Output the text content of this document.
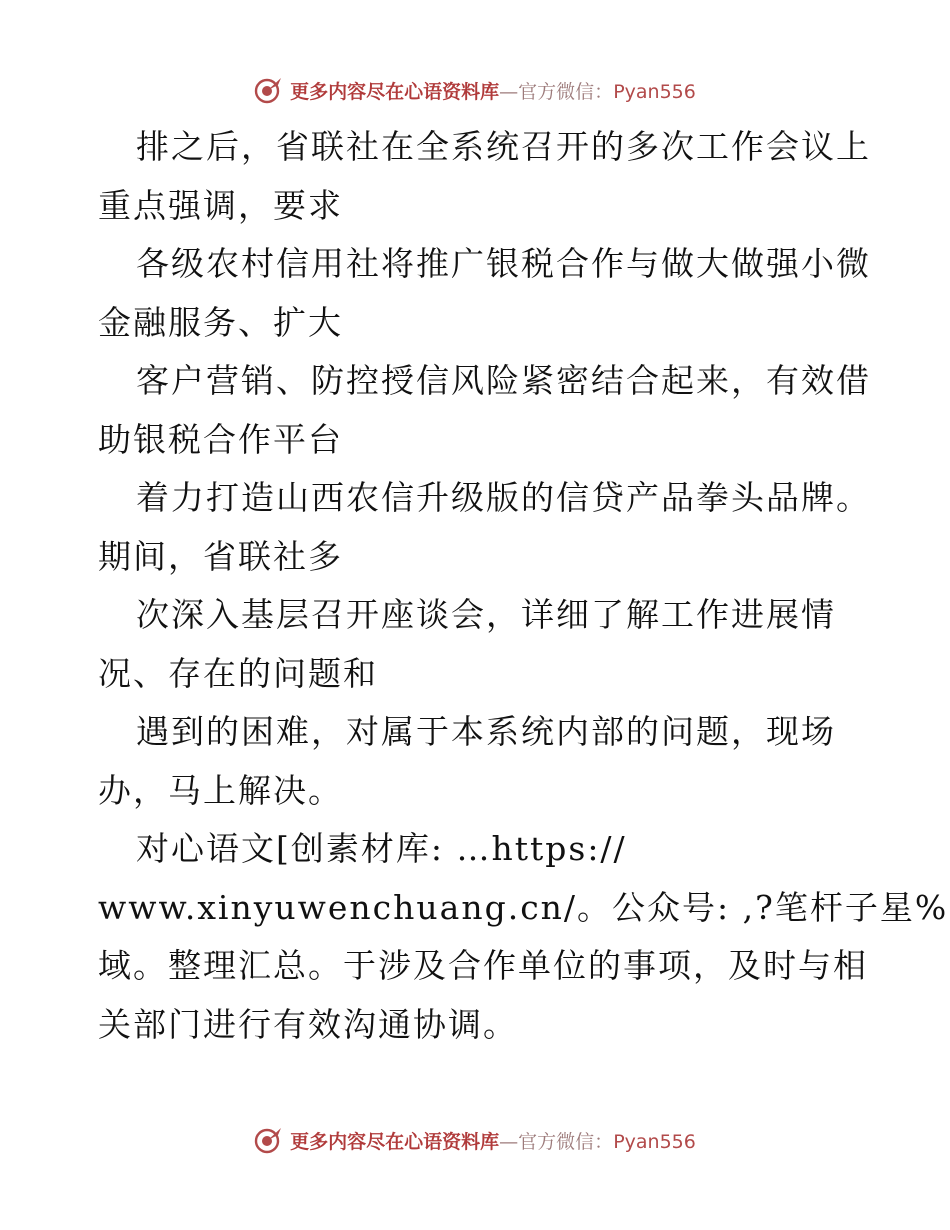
更多内容尽在心语资料库—官方微信：Pyan556
排之后，省联社在全系统召开的多次工作会议上
重点强调，要求
各级农村信用社将推广银税合作与做大做强小微
金融服务、扩大
客户营销、防控授信风险紧密结合起来，有效借
助银税合作平台
着力打造山西农信升级版的信贷产品拳头品牌。
期间，省联社多
次深入基层召开座谈会，详细了解工作进展情
况、存在的问题和
遇到的困难，对属于本系统内部的问题，现场
办，马上解决。
对心语文[创素材库: …https://
www.xinyuwenchuang.cn/。公众号: ,?笔杆子星%
域。整理汇总。于涉及合作单位的事项，及时与相
关部门进行有效沟通协调。
更多内容尽在心语资料库—官方微信：Pyan556
